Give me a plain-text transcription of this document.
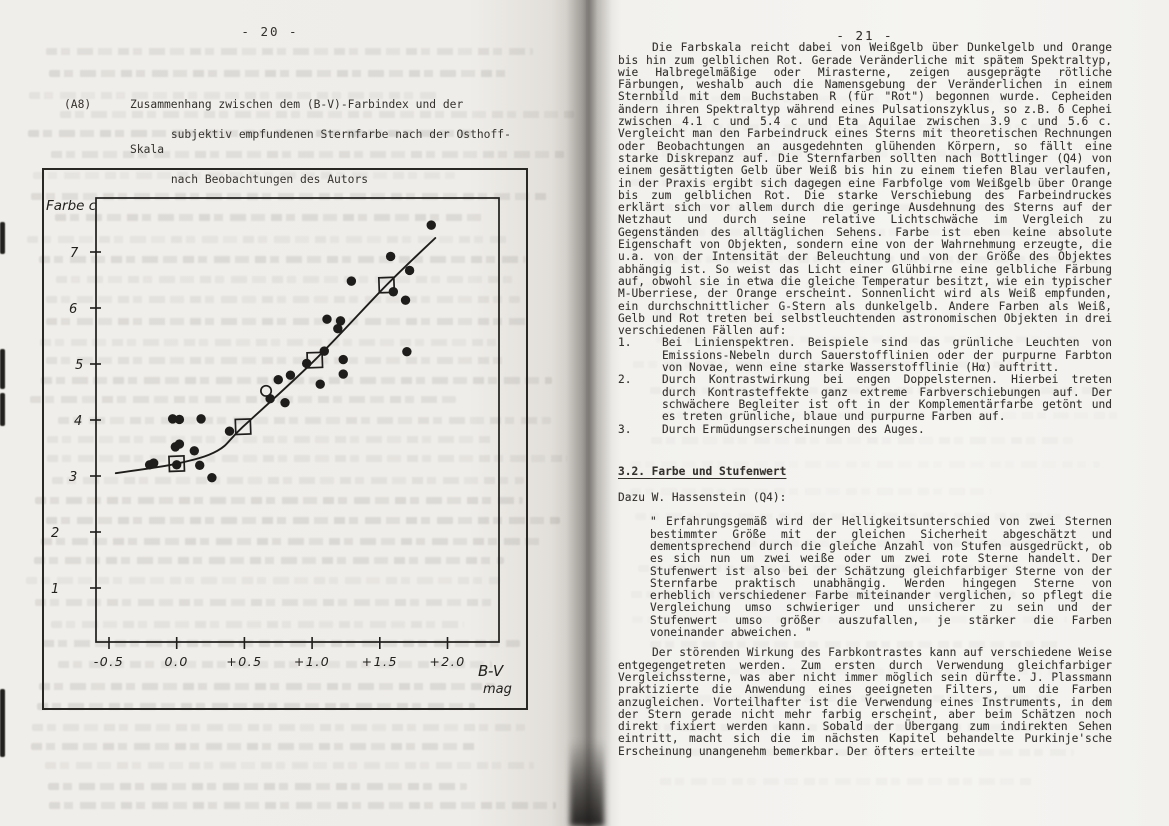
- 20 -
(A8)	Zusammenhang zwischen dem (B-V)-Farbindex und der

subjektiv empfundenen Sternfarbe nach der Osthoff-Skala

nach Beobachtungen des Autors

7
6
5
4
3
2
1
-0.5	0.0	+0.5	+1.0	+1.5	+2.0
Farbe c
B-V
mag

- 21 -

Die Farbskala reicht dabei von Weißgelb über Dunkelgelb und Orange bis hin zum gelblichen Rot. Gerade Veränderliche mit spätem Spektraltyp, wie Halbregelmäßige oder Mirasterne, zeigen ausgeprägte rötliche Färbungen, weshalb auch die Namensgebung der Veränderlichen in einem Sternbild mit dem Buchstaben R (für "Rot") begonnen wurde. Cepheiden ändern ihren Spektraltyp während eines Pulsationszyklus, so z.B. δ Cephei zwischen 4.1 c und 5.4 c und Eta Aquilae zwischen 3.9 c und 5.6 c. Vergleicht man den Farbeindruck eines Sterns mit theoretischen Rechnungen oder Beobachtungen an ausgedehnten glühenden Körpern, so fällt eine starke Diskrepanz auf. Die Sternfarben sollten nach Bottlinger (Q4) von einem gesättigten Gelb über Weiß bis hin zu einem tiefen Blau verlaufen, in der Praxis ergibt sich dagegen eine Farbfolge vom Weißgelb über Orange bis zum gelblichen Rot. Die starke Verschiebung des Farbeindruckes erklärt sich vor allem durch die geringe Ausdehnung des Sterns auf der Netzhaut und durch seine relative Lichtschwäche im Vergleich zu Gegenständen des alltäglichen Sehens. Farbe ist eben keine absolute Eigenschaft von Objekten, sondern eine von der Wahrnehmung erzeugte, die u.a. von der Intensität der Beleuchtung und von der Größe des Objektes abhängig ist. So weist das Licht einer Glühbirne eine gelbliche Färbung auf, obwohl sie in etwa die gleiche Temperatur besitzt, wie ein typischer M-Uberriese, der Orange erscheint. Sonnenlicht wird als Weiß empfunden, ein durchschnittlicher G-Stern als dunkelgelb. Andere Farben als Weiß, Gelb und Rot treten bei selbstleuchtenden astronomischen Objekten in drei verschiedenen Fällen auf:

1.	Bei Linienspektren. Beispiele sind das grünliche Leuchten von Emissions-Nebeln durch Sauerstofflinien oder der purpurne Farbton von Novae, wenn eine starke Wasserstofflinie (Hα) auftritt.
2.	Durch Kontrastwirkung bei engen Doppelsternen. Hierbei treten durch Kontrasteffekte ganz extreme Farbverschiebungen auf. Der schwächere Begleiter ist oft in der Komplementärfarbe getönt und es treten grünliche, blaue und purpurne Farben auf.
3.	Durch Ermüdungserscheinungen des Auges.

3.2. Farbe und Stufenwert

Dazu W. Hassenstein (Q4):

" Erfahrungsgemäß wird der Helligkeitsunterschied von zwei Sternen bestimmter Größe mit der gleichen Sicherheit abgeschätzt und dementsprechend durch die gleiche Anzahl von Stufen ausgedrückt, ob es sich nun um zwei weiße oder um zwei rote Sterne handelt. Der Stufenwert ist also bei der Schätzung gleichfarbiger Sterne von der Sternfarbe praktisch unabhängig. Werden hingegen Sterne von erheblich verschiedener Farbe miteinander verglichen, so pflegt die Vergleichung umso schwieriger und unsicherer zu sein und der Stufenwert umso größer auszufallen, je stärker die Farben voneinander abweichen. "

Der störenden Wirkung des Farbkontrastes kann auf verschiedene Weise entgegengetreten werden. Zum ersten durch Verwendung gleichfarbiger Vergleichssterne, was aber nicht immer möglich sein dürfte. J. Plassmann praktizierte die Anwendung eines geeigneten Filters, um die Farben anzugleichen. Vorteilhafter ist die Verwendung eines Instruments, in dem der Stern gerade nicht mehr farbig erscheint, aber beim Schätzen noch direkt fixiert werden kann. Sobald der Übergang zum indirekten Sehen eintritt, macht sich die im nächsten Kapitel behandelte Purkinje'sche Erscheinung unangenehm bemerkbar. Der öfters erteilte
